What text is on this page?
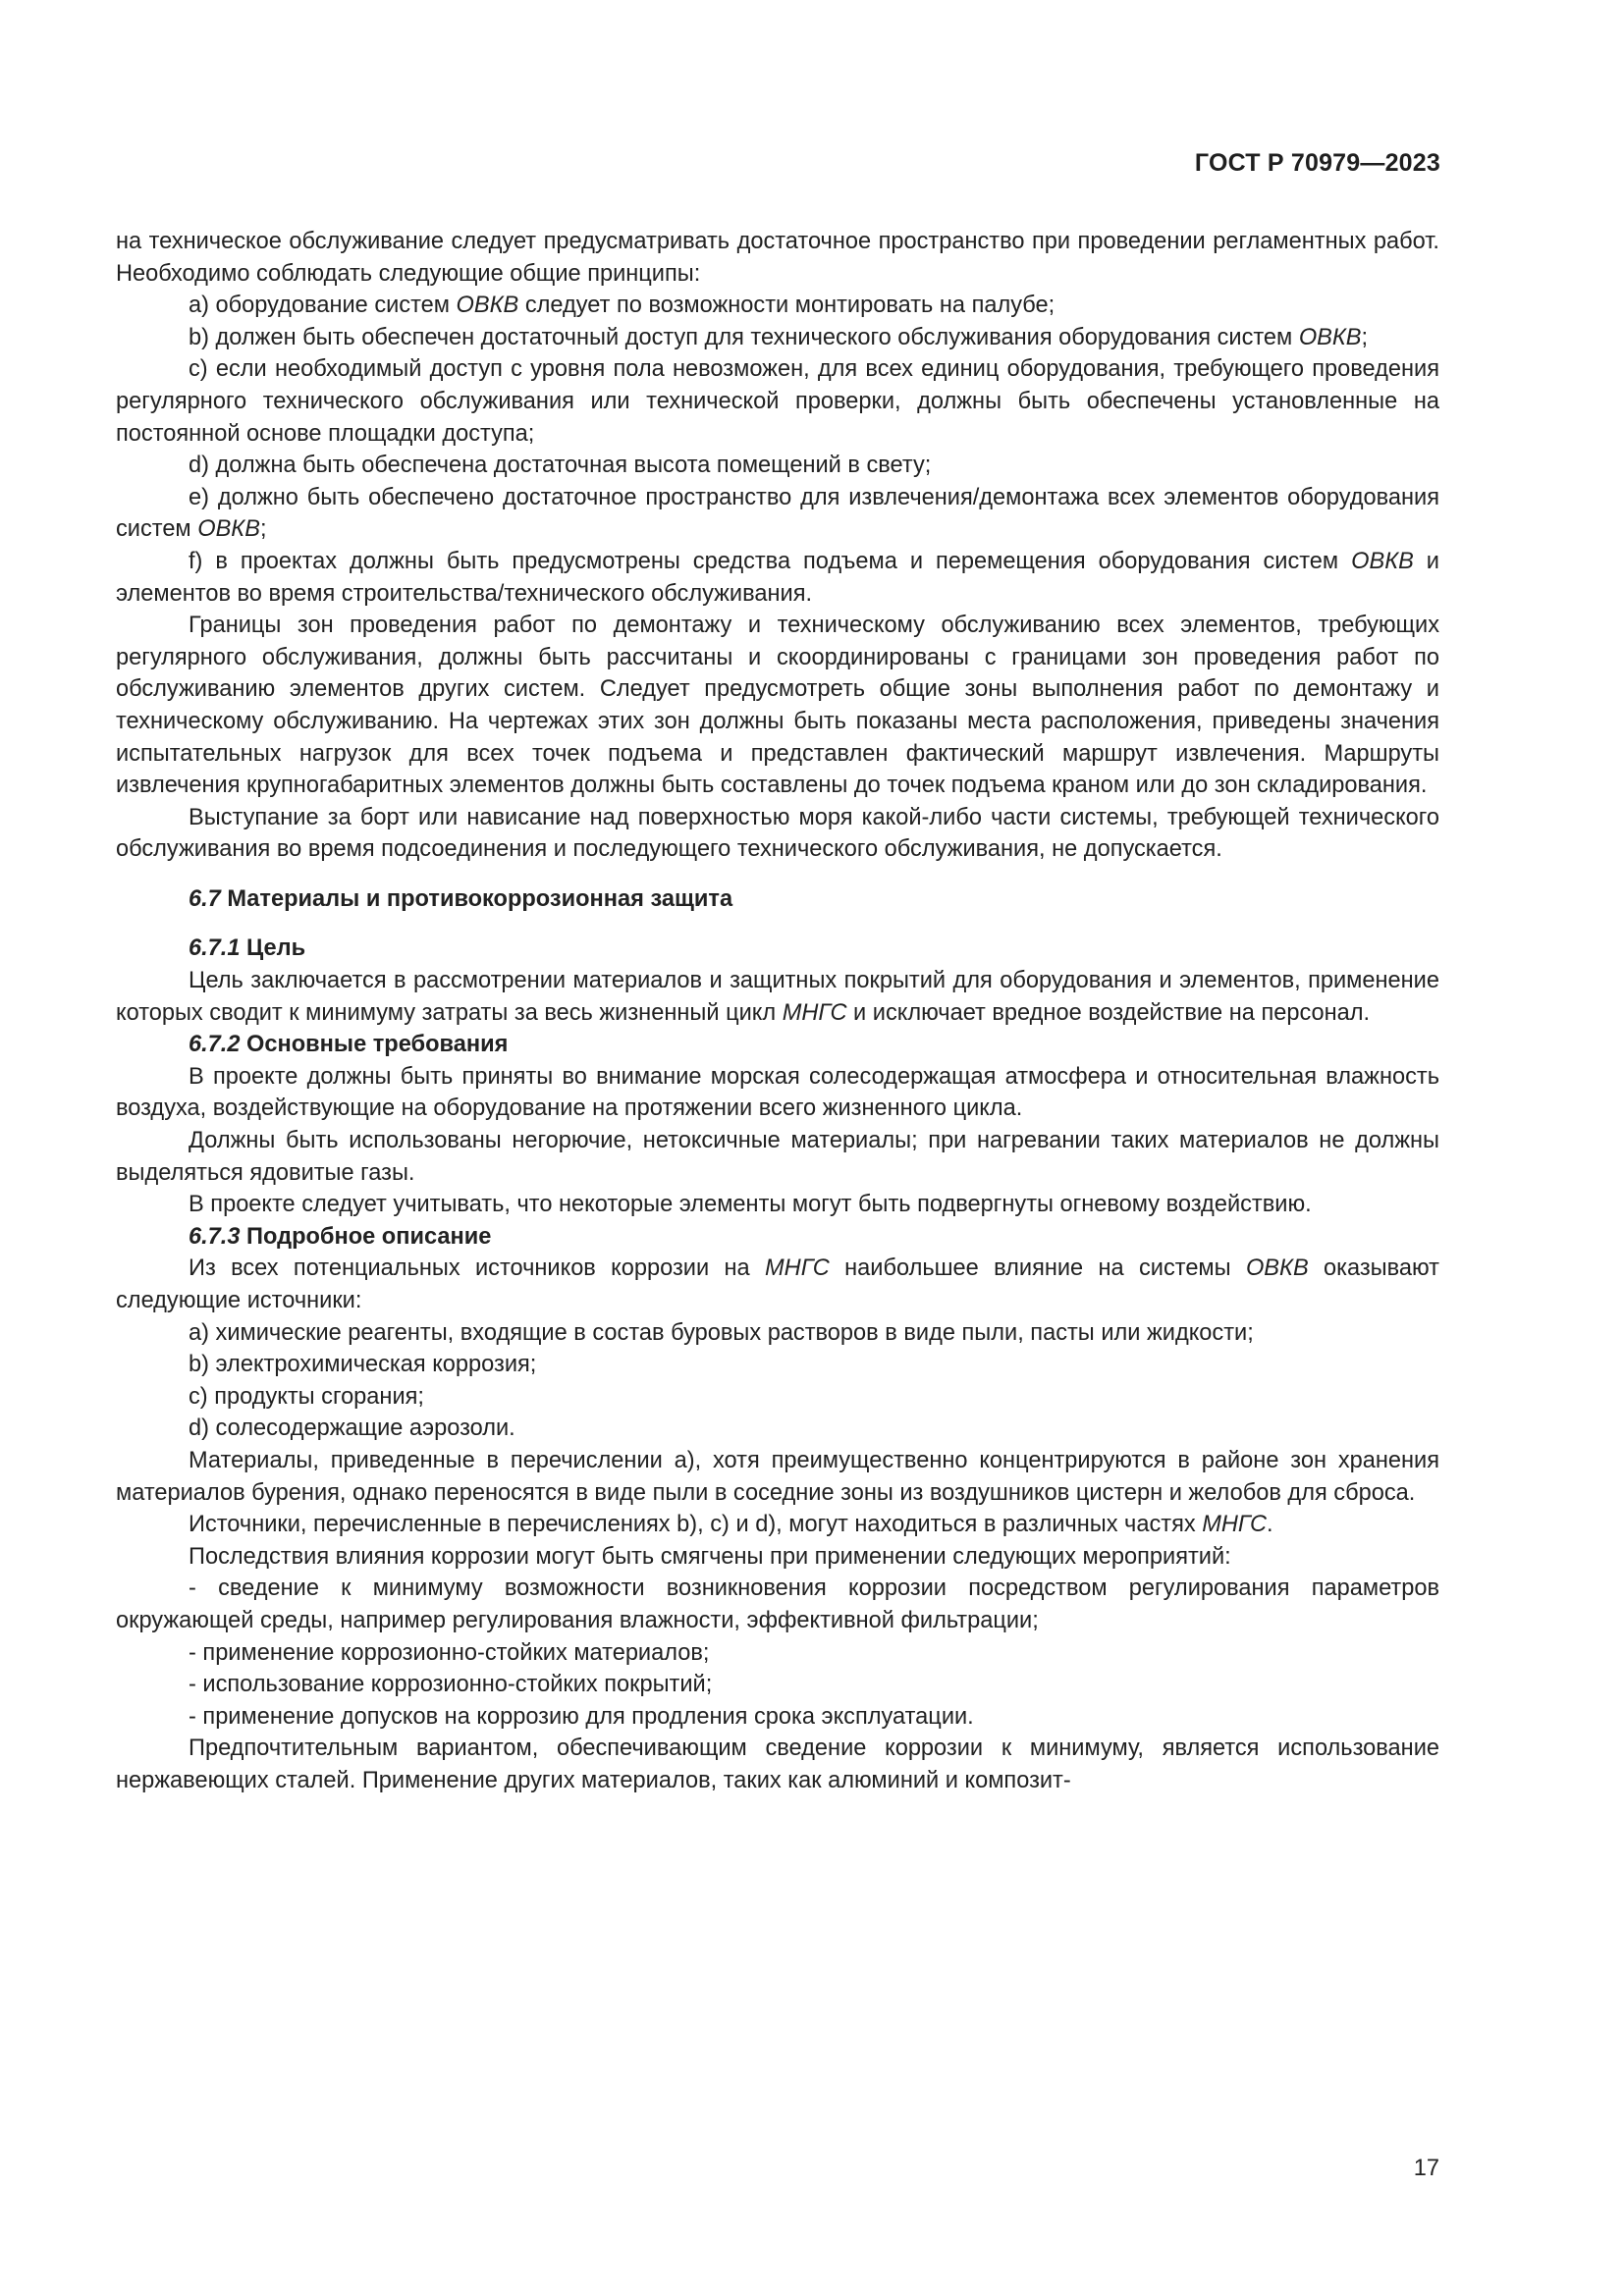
ГОСТ Р 70979—2023

на техническое обслуживание следует предусматривать достаточное пространство при проведении регламентных работ. Необходимо соблюдать следующие общие принципы:

a) оборудование систем ОВКВ следует по возможности монтировать на палубе;

b) должен быть обеспечен достаточный доступ для технического обслуживания оборудования систем ОВКВ;

c) если необходимый доступ с уровня пола невозможен, для всех единиц оборудования, требующего проведения регулярного технического обслуживания или технической проверки, должны быть обеспечены установленные на постоянной основе площадки доступа;

d) должна быть обеспечена достаточная высота помещений в свету;

e) должно быть обеспечено достаточное пространство для извлечения/демонтажа всех элементов оборудования систем ОВКВ;

f) в проектах должны быть предусмотрены средства подъема и перемещения оборудования систем ОВКВ и элементов во время строительства/технического обслуживания.

Границы зон проведения работ по демонтажу и техническому обслуживанию всех элементов, требующих регулярного обслуживания, должны быть рассчитаны и скоординированы с границами зон проведения работ по обслуживанию элементов других систем. Следует предусмотреть общие зоны выполнения работ по демонтажу и техническому обслуживанию. На чертежах этих зон должны быть показаны места расположения, приведены значения испытательных нагрузок для всех точек подъема и представлен фактический маршрут извлечения. Маршруты извлечения крупногабаритных элементов должны быть составлены до точек подъема краном или до зон складирования.

Выступание за борт или нависание над поверхностью моря какой-либо части системы, требующей технического обслуживания во время подсоединения и последующего технического обслуживания, не допускается.

6.7 Материалы и противокоррозионная защита

6.7.1 Цель

Цель заключается в рассмотрении материалов и защитных покрытий для оборудования и элементов, применение которых сводит к минимуму затраты за весь жизненный цикл МНГС и исключает вредное воздействие на персонал.

6.7.2 Основные требования

В проекте должны быть приняты во внимание морская солесодержащая атмосфера и относительная влажность воздуха, воздействующие на оборудование на протяжении всего жизненного цикла.

Должны быть использованы негорючие, нетоксичные материалы; при нагревании таких материалов не должны выделяться ядовитые газы.

В проекте следует учитывать, что некоторые элементы могут быть подвергнуты огневому воздействию.

6.7.3 Подробное описание

Из всех потенциальных источников коррозии на МНГС наибольшее влияние на системы ОВКВ оказывают следующие источники:

a) химические реагенты, входящие в состав буровых растворов в виде пыли, пасты или жидкости;

b) электрохимическая коррозия;

c) продукты сгорания;

d) солесодержащие аэрозоли.

Материалы, приведенные в перечислении a), хотя преимущественно концентрируются в районе зон хранения материалов бурения, однако переносятся в виде пыли в соседние зоны из воздушников цистерн и желобов для сброса.

Источники, перечисленные в перечислениях b), c) и d), могут находиться в различных частях МНГС.

Последствия влияния коррозии могут быть смягчены при применении следующих мероприятий:

- сведение к минимуму возможности возникновения коррозии посредством регулирования параметров окружающей среды, например регулирования влажности, эффективной фильтрации;

- применение коррозионно-стойких материалов;

- использование коррозионно-стойких покрытий;

- применение допусков на коррозию для продления срока эксплуатации.

Предпочтительным вариантом, обеспечивающим сведение коррозии к минимуму, является использование нержавеющих сталей. Применение других материалов, таких как алюминий и композит-

17
